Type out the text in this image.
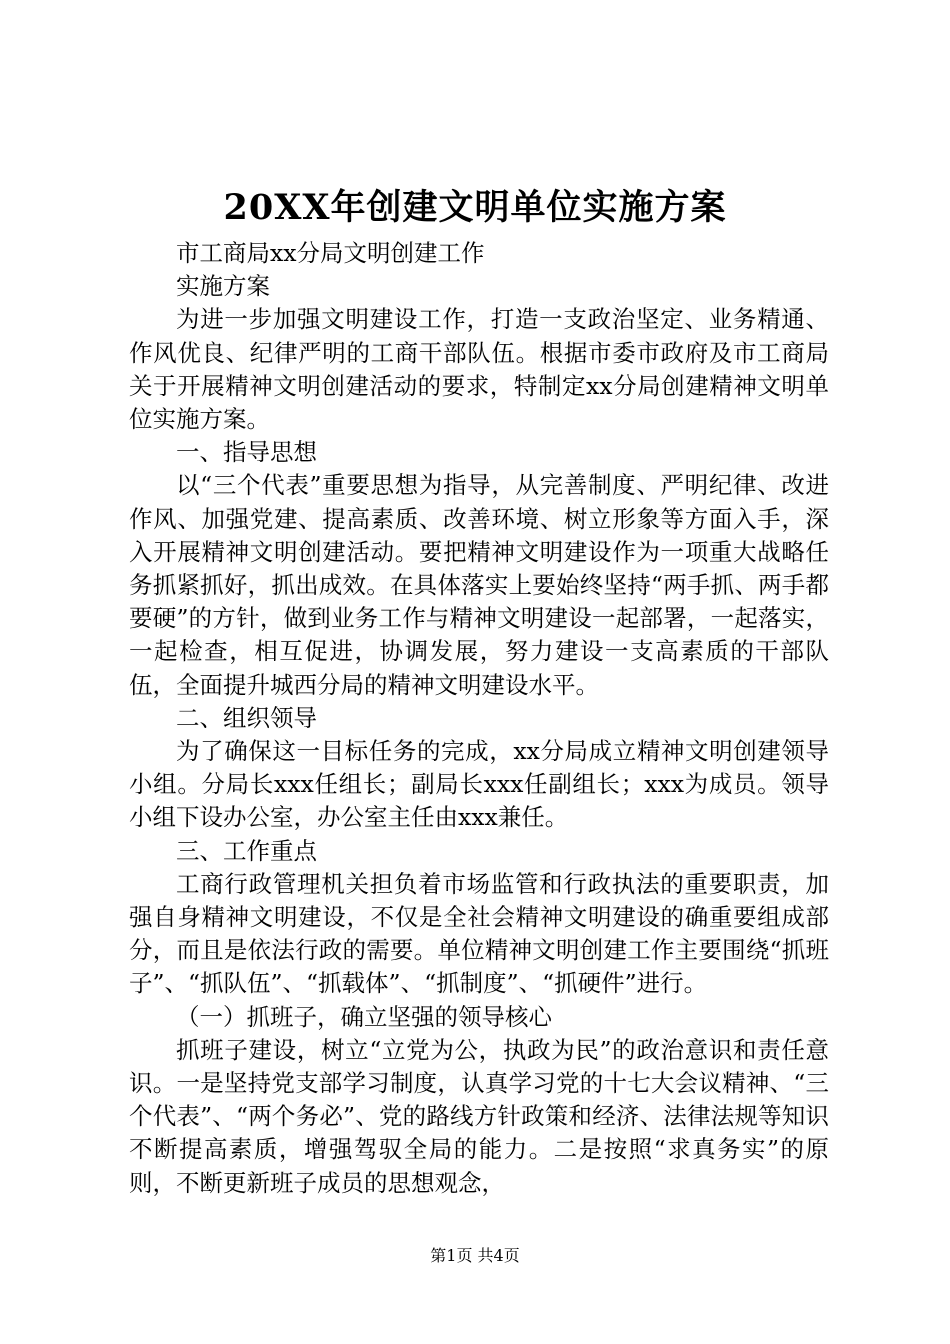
20XX年创建文明单位实施方案

市工商局xx分局文明创建工作

实施方案

为进一步加强文明建设工作，打造一支政治坚定、业务精通、作风优良、纪律严明的工商干部队伍。根据市委市政府及市工商局关于开展精神文明创建活动的要求，特制定xx分局创建精神文明单位实施方案。

一、指导思想

以“三个代表”重要思想为指导，从完善制度、严明纪律、改进作风、加强党建、提高素质、改善环境、树立形象等方面入手，深入开展精神文明创建活动。要把精神文明建设作为一项重大战略任务抓紧抓好，抓出成效。在具体落实上要始终坚持“两手抓、两手都要硬”的方针，做到业务工作与精神文明建设一起部署，一起落实，一起检查，相互促进，协调发展，努力建设一支高素质的干部队伍，全面提升城西分局的精神文明建设水平。

二、组织领导

为了确保这一目标任务的完成，xx分局成立精神文明创建领导小组。分局长xxx任组长；副局长xxx任副组长；xxx为成员。领导小组下设办公室，办公室主任由xxx兼任。

三、工作重点

工商行政管理机关担负着市场监管和行政执法的重要职责，加强自身精神文明建设，不仅是全社会精神文明建设的确重要组成部分，而且是依法行政的需要。单位精神文明创建工作主要围绕“抓班子”、“抓队伍”、“抓载体”、“抓制度”、“抓硬件”进行。

（一）抓班子，确立坚强的领导核心

抓班子建设，树立“立党为公，执政为民”的政治意识和责任意识。一是坚持党支部学习制度，认真学习党的十七大会议精神、“三个代表”、“两个务必”、党的路线方针政策和经济、法律法规等知识不断提高素质，增强驾驭全局的能力。二是按照“求真务实”的原则，不断更新班子成员的思想观念，

第1页 共4页
